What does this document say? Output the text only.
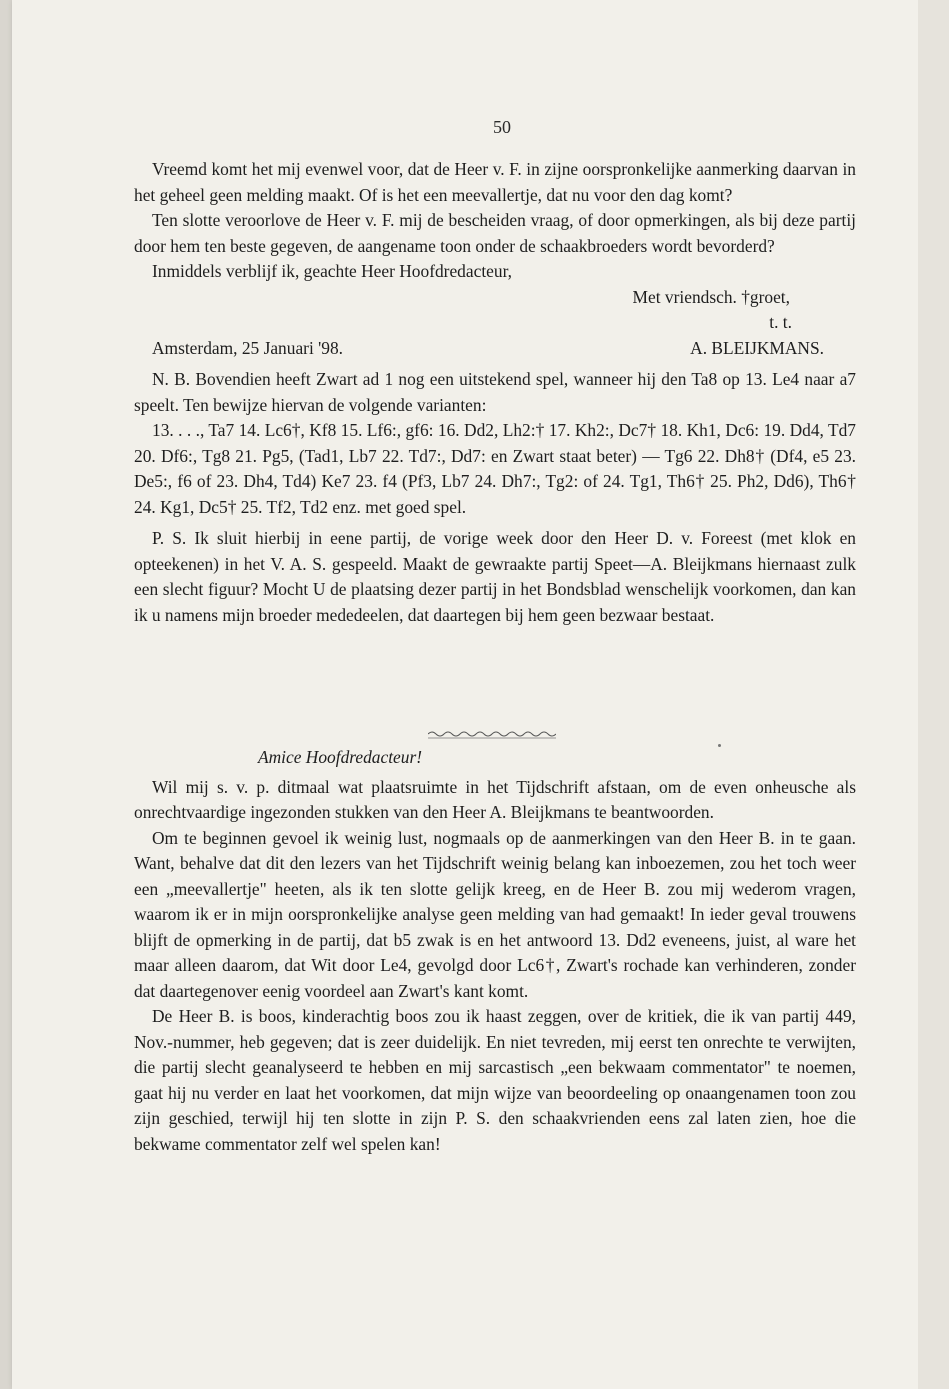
50

Vreemd komt het mij evenwel voor, dat de Heer v. F. in zijne oorspronkelijke aanmerking daarvan in het geheel geen melding maakt. Of is het een meevallertje, dat nu voor den dag komt?

Ten slotte veroorlove de Heer v. F. mij de bescheiden vraag, of door opmerkingen, als bij deze partij door hem ten beste gegeven, de aangename toon onder de schaakbroeders wordt bevorderd?

Inmiddels verblijf ik, geachte Heer Hoofdredacteur,

Met vriendsch. †groet,

t. t.

Amsterdam, 25 Januari '98.	A. BLEIJKMANS.

N. B. Bovendien heeft Zwart ad 1 nog een uitstekend spel, wanneer hij den Ta8 op 13. Le4 naar a7 speelt. Ten bewijze hiervan de volgende varianten:

13. . . ., Ta7 14. Lc6†, Kf8 15. Lf6:, gf6: 16. Dd2, Lh2:† 17. Kh2:, Dc7† 18. Kh1, Dc6: 19. Dd4, Td7 20. Df6:, Tg8 21. Pg5, (Tad1, Lb7 22. Td7:, Dd7: en Zwart staat beter) — Tg6 22. Dh8† (Df4, e5 23. De5:, f6 of 23. Dh4, Td4) Ke7 23. f4 (Pf3, Lb7 24. Dh7:, Tg2: of 24. Tg1, Th6† 25. Ph2, Dd6), Th6† 24. Kg1, Dc5† 25. Tf2, Td2 enz. met goed spel.

P. S. Ik sluit hierbij in eene partij, de vorige week door den Heer D. v. Foreest (met klok en opteekenen) in het V. A. S. gespeeld. Maakt de gewraakte partij Speet—A. Bleijkmans hiernaast zulk een slecht figuur? Mocht U de plaatsing dezer partij in het Bondsblad wenschelijk voorkomen, dan kan ik u namens mijn broeder mededeelen, dat daartegen bij hem geen bezwaar bestaat.

Amice Hoofdredacteur!

Wil mij s. v. p. ditmaal wat plaatsruimte in het Tijdschrift afstaan, om de even onheusche als onrechtvaardige ingezonden stukken van den Heer A. Bleijkmans te beantwoorden.

Om te beginnen gevoel ik weinig lust, nogmaals op de aanmerkingen van den Heer B. in te gaan. Want, behalve dat dit den lezers van het Tijdschrift weinig belang kan inboezemen, zou het toch weer een „meevallertje" heeten, als ik ten slotte gelijk kreeg, en de Heer B. zou mij wederom vragen, waarom ik er in mijn oorspronkelijke analyse geen melding van had gemaakt! In ieder geval trouwens blijft de opmerking in de partij, dat b5 zwak is en het antwoord 13. Dd2 eveneens, juist, al ware het maar alleen daarom, dat Wit door Le4, gevolgd door Lc6†, Zwart's rochade kan verhinderen, zonder dat daartegenover eenig voordeel aan Zwart's kant komt.

De Heer B. is boos, kinderachtig boos zou ik haast zeggen, over de kritiek, die ik van partij 449, Nov.-nummer, heb gegeven; dat is zeer duidelijk. En niet tevreden, mij eerst ten onrechte te verwijten, die partij slecht geanalyseerd te hebben en mij sarcastisch „een bekwaam commentator" te noemen, gaat hij nu verder en laat het voorkomen, dat mijn wijze van beoordeeling op onaangenamen toon zou zijn geschied, terwijl hij ten slotte in zijn P. S. den schaakvrienden eens zal laten zien, hoe die bekwame commentator zelf wel spelen kan!
